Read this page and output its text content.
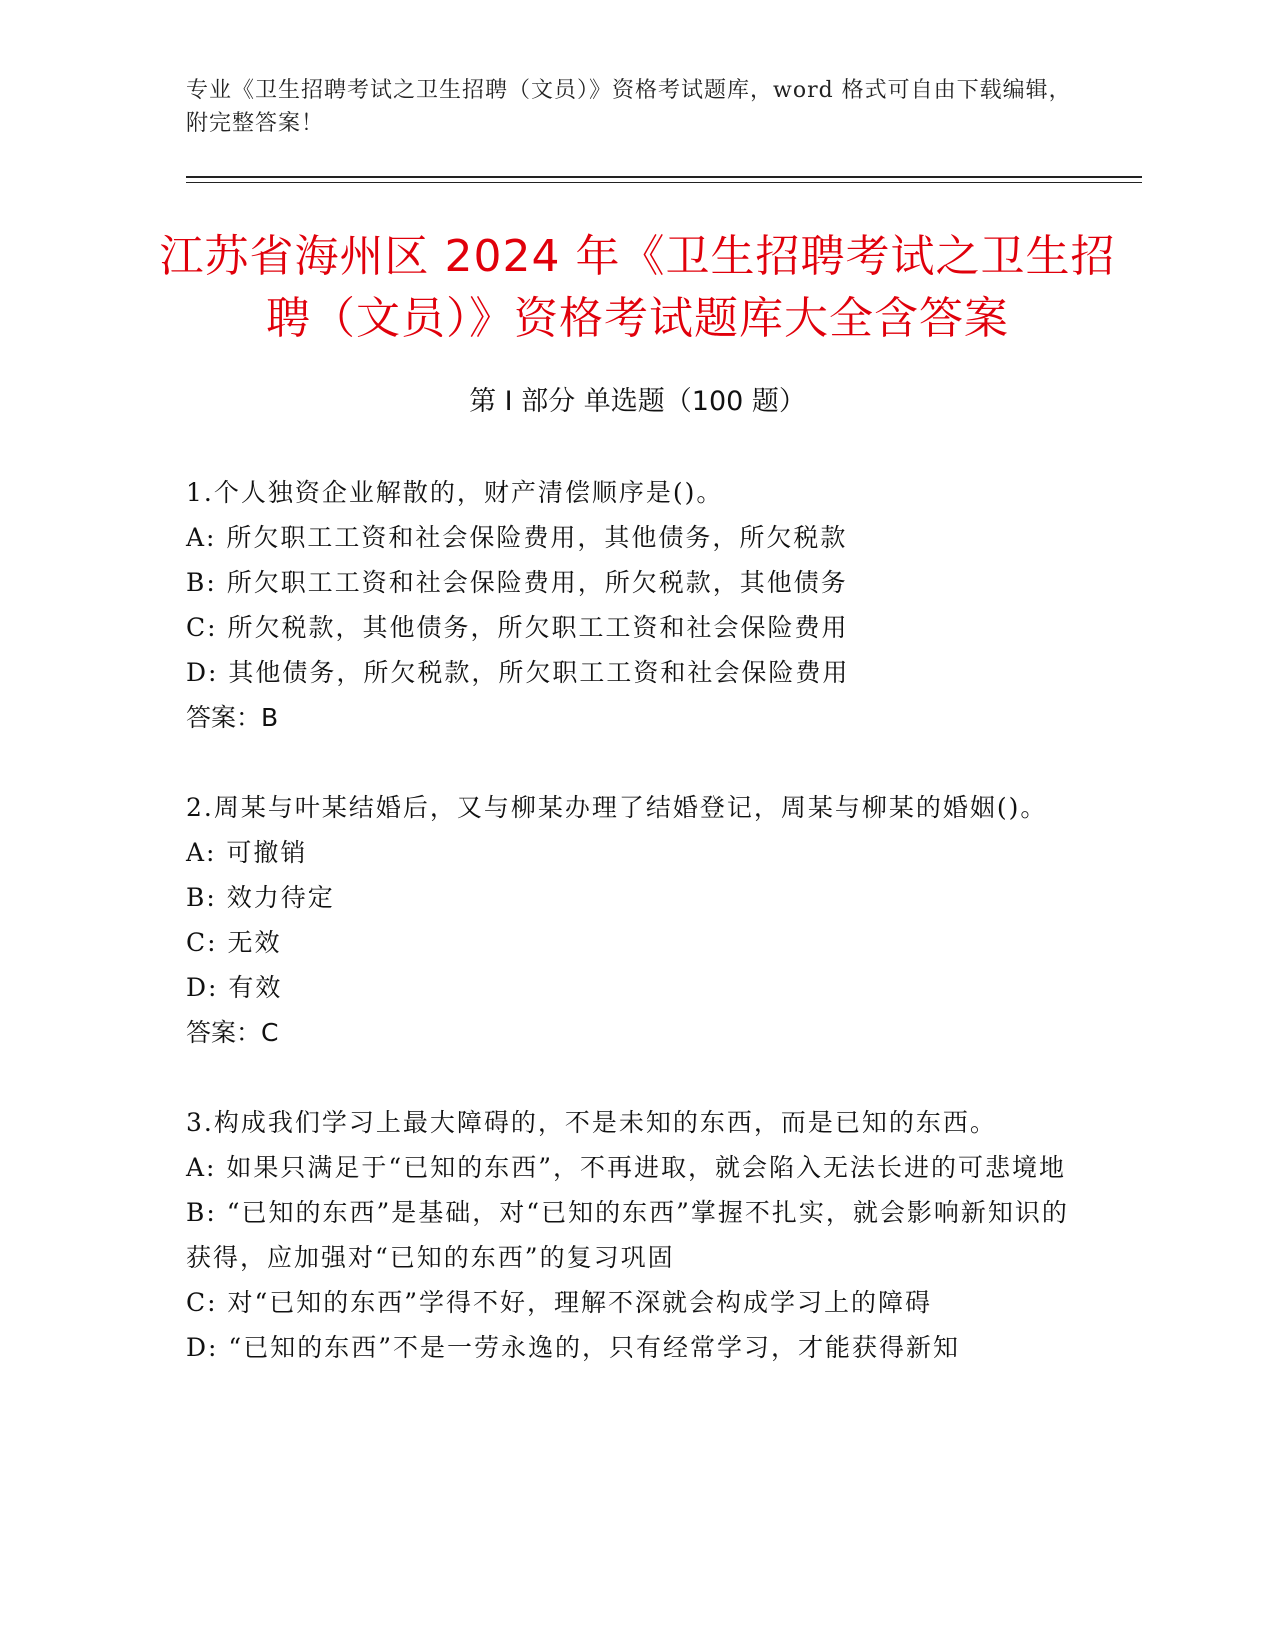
专业《卫生招聘考试之卫生招聘（文员）》资格考试题库，word 格式可自由下载编辑，附完整答案！

江苏省海州区 2024 年《卫生招聘考试之卫生招聘（文员）》资格考试题库大全含答案
第 I 部分 单选题（100 题）

1.个人独资企业解散的，财产清偿顺序是()。

A: 所欠职工工资和社会保险费用，其他债务，所欠税款

B: 所欠职工工资和社会保险费用，所欠税款，其他债务

C: 所欠税款，其他债务，所欠职工工资和社会保险费用

D: 其他债务，所欠税款，所欠职工工资和社会保险费用

答案：B

2.周某与叶某结婚后，又与柳某办理了结婚登记，周某与柳某的婚姻()。

A: 可撤销

B: 效力待定

C: 无效

D: 有效

答案：C

3.构成我们学习上最大障碍的，不是未知的东西，而是已知的东西。

A: 如果只满足于“已知的东西”，不再进取，就会陷入无法长进的可悲境地

B: “已知的东西”是基础，对“已知的东西”掌握不扎实，就会影响新知识的获得，应加强对“已知的东西”的复习巩固

C: 对“已知的东西”学得不好，理解不深就会构成学习上的障碍

D: “已知的东西”不是一劳永逸的，只有经常学习，才能获得新知
